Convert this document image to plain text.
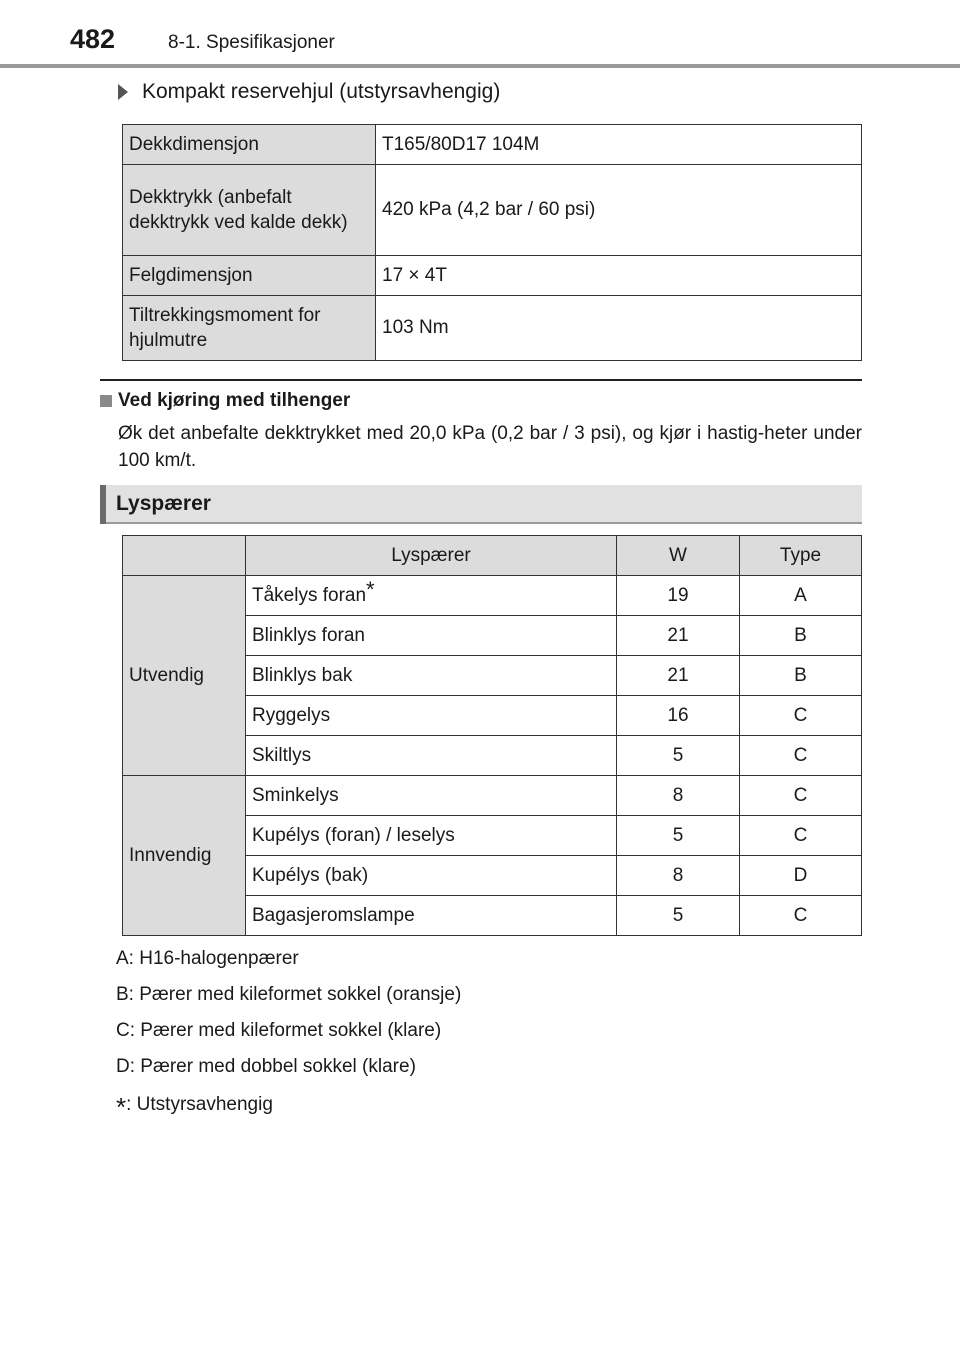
482	8-1. Spesifikasjoner
Kompakt reservehjul (utstyrsavhengig)
Dekkdimensjon	T165/80D17 104M
Dekktrykk (anbefalt dekktrykk ved kalde dekk)	420 kPa (4,2 bar / 60 psi)
Felgdimensjon	17 × 4T
Tiltrekkingsmoment for hjulmutre	103 Nm
Ved kjøring med tilhenger
Øk det anbefalte dekktrykket med 20,0 kPa (0,2 bar / 3 psi), og kjør i hastig-heter under 100 km/t.
Lyspærer
	Lyspærer	W	Type
Utvendig	Tåkelys foran*	19	A
	Blinklys foran	21	B
	Blinklys bak	21	B
	Ryggelys	16	C
	Skiltlys	5	C
Innvendig	Sminkelys	8	C
	Kupélys (foran) / leselys	5	C
	Kupélys (bak)	8	D
	Bagasjeromslampe	5	C
A: H16-halogenpærer
B: Pærer med kileformet sokkel (oransje)
C: Pærer med kileformet sokkel (klare)
D: Pærer med dobbel sokkel (klare)
*: Utstyrsavhengig
